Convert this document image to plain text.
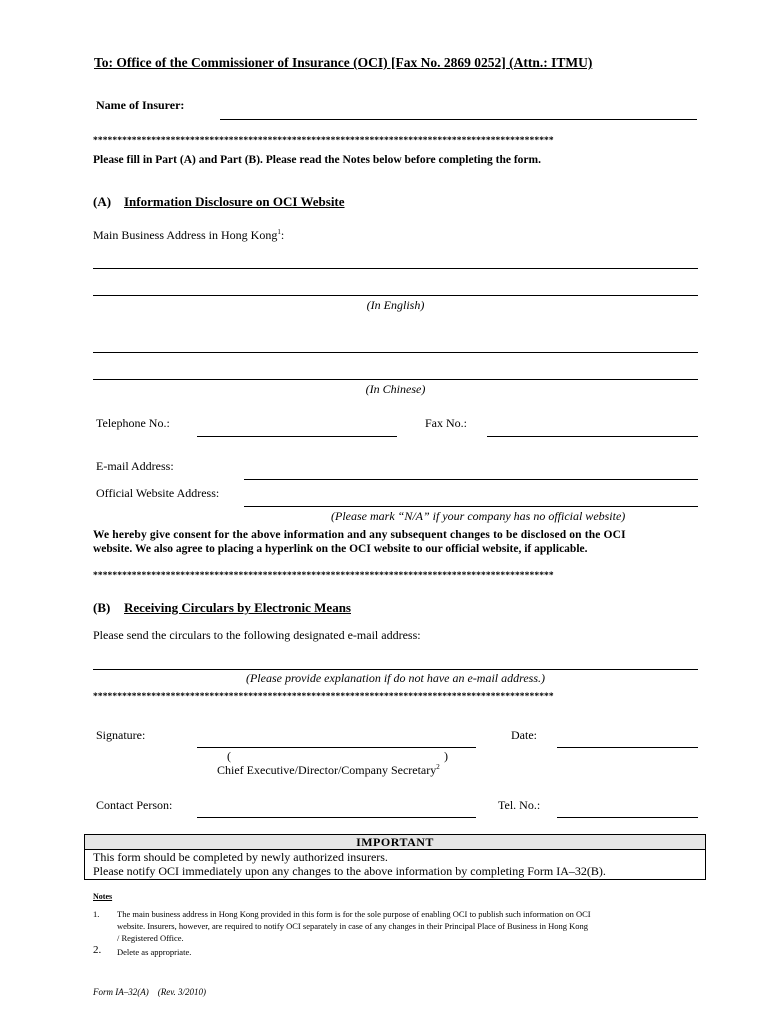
To: Office of the Commissioner of Insurance (OCI) [Fax No. 2869 0252] (Attn.: ITMU)
Name of Insurer:
***********************************************************************************************
Please fill in Part (A) and Part (B). Please read the Notes below before completing the form.
(A) Information Disclosure on OCI Website
Main Business Address in Hong Kong$^1$:
(In English)
(In Chinese)
Telephone No.:	Fax No.:
E-mail Address:
Official Website Address:
(Please mark “N/A” if your company has no official website)
We hereby give consent for the above information and any subsequent changes to be disclosed on the OCI
website. We also agree to placing a hyperlink on the OCI website to our official website, if applicable.
***********************************************************************************************
(B) Receiving Circulars by Electronic Means
Please send the circulars to the following designated e-mail address:
(Please provide explanation if do not have an e-mail address.)
***********************************************************************************************
Signature:	Date:
(	)
Chief Executive/Director/Company Secretary$^2$
Contact Person:	Tel. No.:
IMPORTANT
This form should be completed by newly authorized insurers.
Please notify OCI immediately upon any changes to the above information by completing Form IA–32(B).
Notes
1. The main business address in Hong Kong provided in this form is for the sole purpose of enabling OCI to publish such information on OCI
website. Insurers, however, are required to notify OCI separately in case of any changes in their Principal Place of Business in Hong Kong
/ Registered Office.
2. Delete as appropriate.
Form IA–32(A)    (Rev. 3/2010)
